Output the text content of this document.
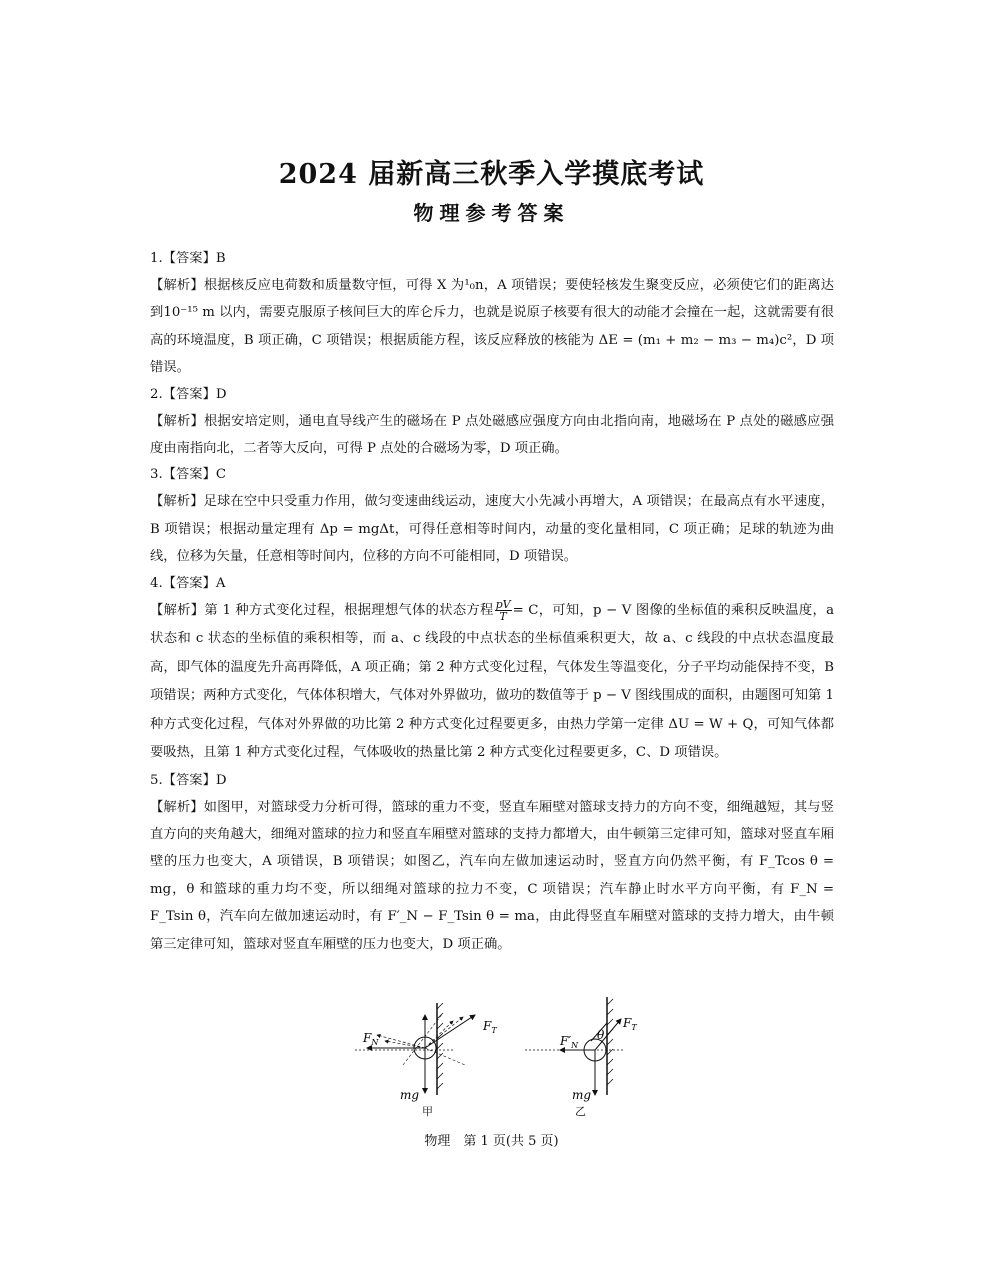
2024 届新高三秋季入学摸底考试
物理参考答案
1.【答案】B
【解析】根据核反应电荷数和质量数守恒，可得 X 为¹₀n，A 项错误；要使轻核发生聚变反应，必须使它们的距离达到10⁻¹⁵ m 以内，需要克服原子核间巨大的库仑斥力，也就是说原子核要有很大的动能才会撞在一起，这就需要有很高的环境温度，B 项正确，C 项错误；根据质能方程，该反应释放的核能为 ΔE = (m₁ + m₂ − m₃ − m₄)c²，D 项错误。
2.【答案】D
【解析】根据安培定则，通电直导线产生的磁场在 P 点处磁感应强度方向由北指向南，地磁场在 P 点处的磁感应强度由南指向北，二者等大反向，可得 P 点处的合磁场为零，D 项正确。
3.【答案】C
【解析】足球在空中只受重力作用，做匀变速曲线运动，速度大小先减小再增大，A 项错误；在最高点有水平速度，B 项错误；根据动量定理有 Δp = mgΔt，可得任意相等时间内，动量的变化量相同，C 项正确；足球的轨迹为曲线，位移为矢量，任意相等时间内，位移的方向不可能相同，D 项错误。
4.【答案】A
【解析】第 1 种方式变化过程，根据理想气体的状态方程 $\frac{pV}{T} = C$，可知，p − V 图像的坐标值的乘积反映温度，a 状态和 c 状态的坐标值的乘积相等，而 a、c 线段的中点状态的坐标值乘积更大，故 a、c 线段的中点状态温度最高，即气体的温度先升高再降低，A 项正确；第 2 种方式变化过程，气体发生等温变化，分子平均动能保持不变，B 项错误；两种方式变化，气体体积增大，气体对外界做功，做功的数值等于 p − V 图线围成的面积，由题图可知第 1 种方式变化过程，气体对外界做的功比第 2 种方式变化过程要更多，由热力学第一定律 ΔU = W + Q，可知气体都要吸热，且第 1 种方式变化过程，气体吸收的热量比第 2 种方式变化过程要更多，C、D 项错误。
5.【答案】D
【解析】如图甲，对篮球受力分析可得，篮球的重力不变，竖直车厢壁对篮球支持力的方向不变，细绳越短，其与竖直方向的夹角越大，细绳对篮球的拉力和竖直车厢壁对篮球的支持力都增大，由牛顿第三定律可知，篮球对竖直车厢壁的压力也变大，A 项错误，B 项错误；如图乙，汽车向左做加速运动时，竖直方向仍然平衡，有 F_Tcos θ = mg，θ 和篮球的重力均不变，所以细绳对篮球的拉力不变，C 项错误；汽车静止时水平方向平衡，有 F_N = F_Tsin θ，汽车向左做加速运动时，有 F′_N − F_Tsin θ = ma，由此得竖直车厢壁对篮球的支持力增大，由牛顿第三定律可知，篮球对竖直车厢壁的压力也变大，D 项正确。
$F_T$
$F_N$
mg
$F_T$
$F'_N$
θ
mg
甲	乙
物理　第 1 页(共 5 页)
